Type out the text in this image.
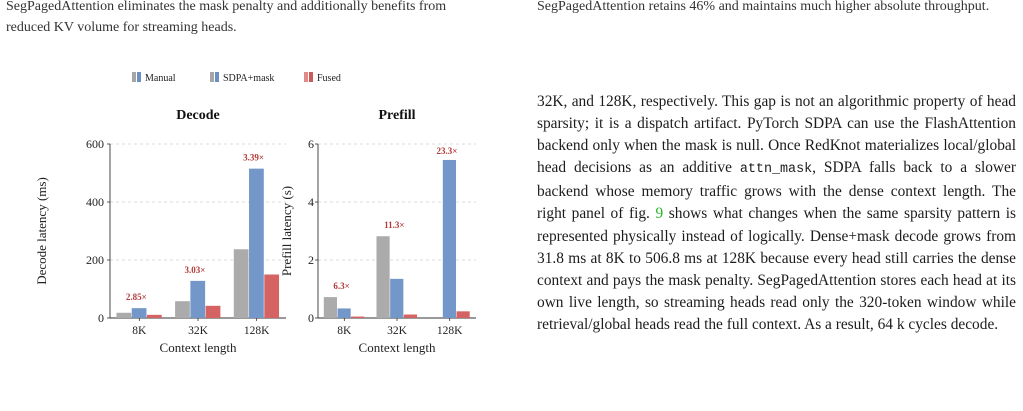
SegPagedAttention eliminates the mask penalty and additionally benefits from reduced KV volume for streaming heads.
SegPagedAttention retains 46% and maintains much higher absolute throughput.
Manual	SDPA+mask	Fused
0
200
400
600
8K
2.85×
32K
3.03×
128K
3.39×
Decode
Context length
Decode latency (ms)
0
2
4
6
8K
6.3×
32K
11.3×
128K
23.3×
Prefill
Context length
Prefill latency (s)
32K, and 128K, respectively. This gap is not an algorithmic property of head sparsity; it is a dispatch artifact. PyTorch SDPA can use the FlashAttention backend only when the mask is null. Once RedKnot materializes local/global head decisions as an additive attn_mask, SDPA falls back to a slower backend whose memory traffic grows with the dense context length. The right panel of fig. 9 shows what changes when the same sparsity pattern is represented physically instead of logically. Dense+mask decode grows from 31.8 ms at 8K to 506.8 ms at 128K because every head still carries the dense context and pays the mask penalty. SegPagedAttention stores each head at its own live length, so streaming heads read only the 320-token window while retrieval/global heads read the full context. As a result, 64 k cycles decode.
